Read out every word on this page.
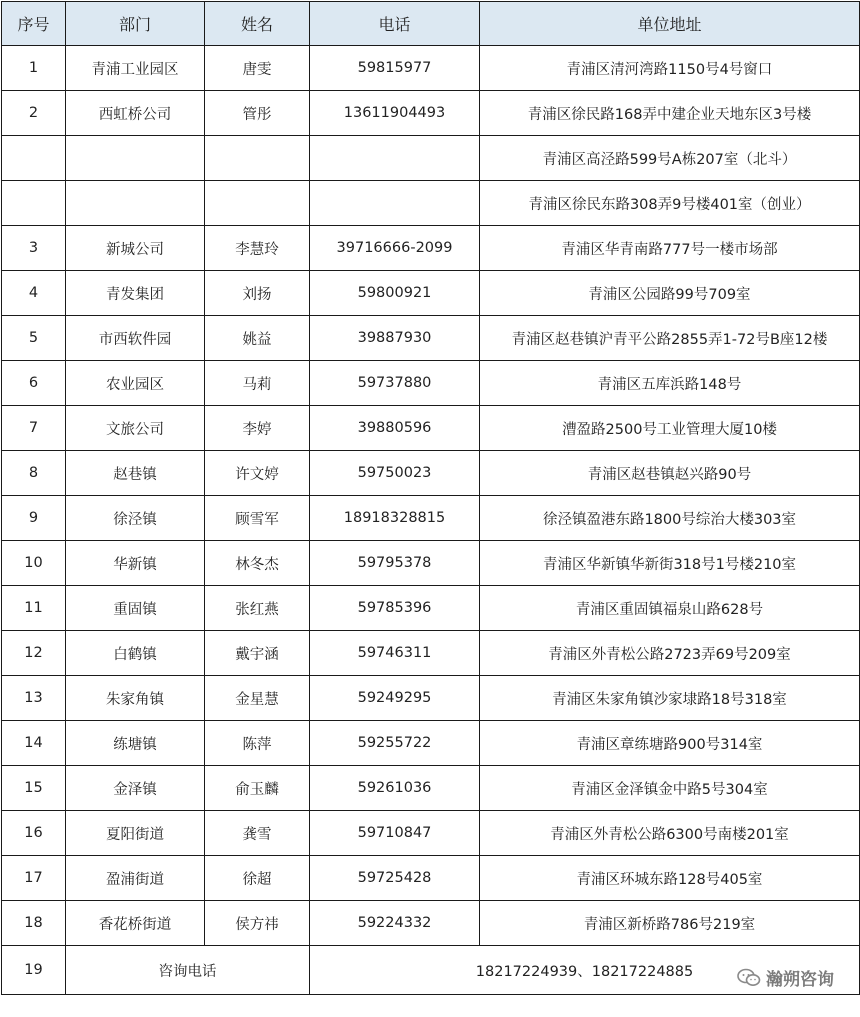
序号	部门	姓名	电话	单位地址
1	青浦工业园区	唐雯	59815977	青浦区清河湾路1150号4号窗口
2	西虹桥公司	管彤	13611904493	青浦区徐民路168弄中建企业天地东区3号楼
				青浦区高泾路599号A栋207室（北斗）
				青浦区徐民东路308弄9号楼401室（创业）
3	新城公司	李慧玲	39716666-2099	青浦区华青南路777号一楼市场部
4	青发集团	刘扬	59800921	青浦区公园路99号709室
5	市西软件园	姚益	39887930	青浦区赵巷镇沪青平公路2855弄1-72号B座12楼
6	农业园区	马莉	59737880	青浦区五库浜路148号
7	文旅公司	李婷	39880596	漕盈路2500号工业管理大厦10楼
8	赵巷镇	许文婷	59750023	青浦区赵巷镇赵兴路90号
9	徐泾镇	顾雪军	18918328815	徐泾镇盈港东路1800号综治大楼303室
10	华新镇	林冬杰	59795378	青浦区华新镇华新街318号1号楼210室
11	重固镇	张红燕	59785396	青浦区重固镇福泉山路628号
12	白鹤镇	戴宇涵	59746311	青浦区外青松公路2723弄69号209室
13	朱家角镇	金星慧	59249295	青浦区朱家角镇沙家埭路18号318室
14	练塘镇	陈萍	59255722	青浦区章练塘路900号314室
15	金泽镇	俞玉麟	59261036	青浦区金泽镇金中路5号304室
16	夏阳街道	龚雪	59710847	青浦区外青松公路6300号南楼201室
17	盈浦街道	徐超	59725428	青浦区环城东路128号405室
18	香花桥街道	侯方祎	59224332	青浦区新桥路786号219室
19	咨询电话		18217224939、18217224885		瀚朔咨询
